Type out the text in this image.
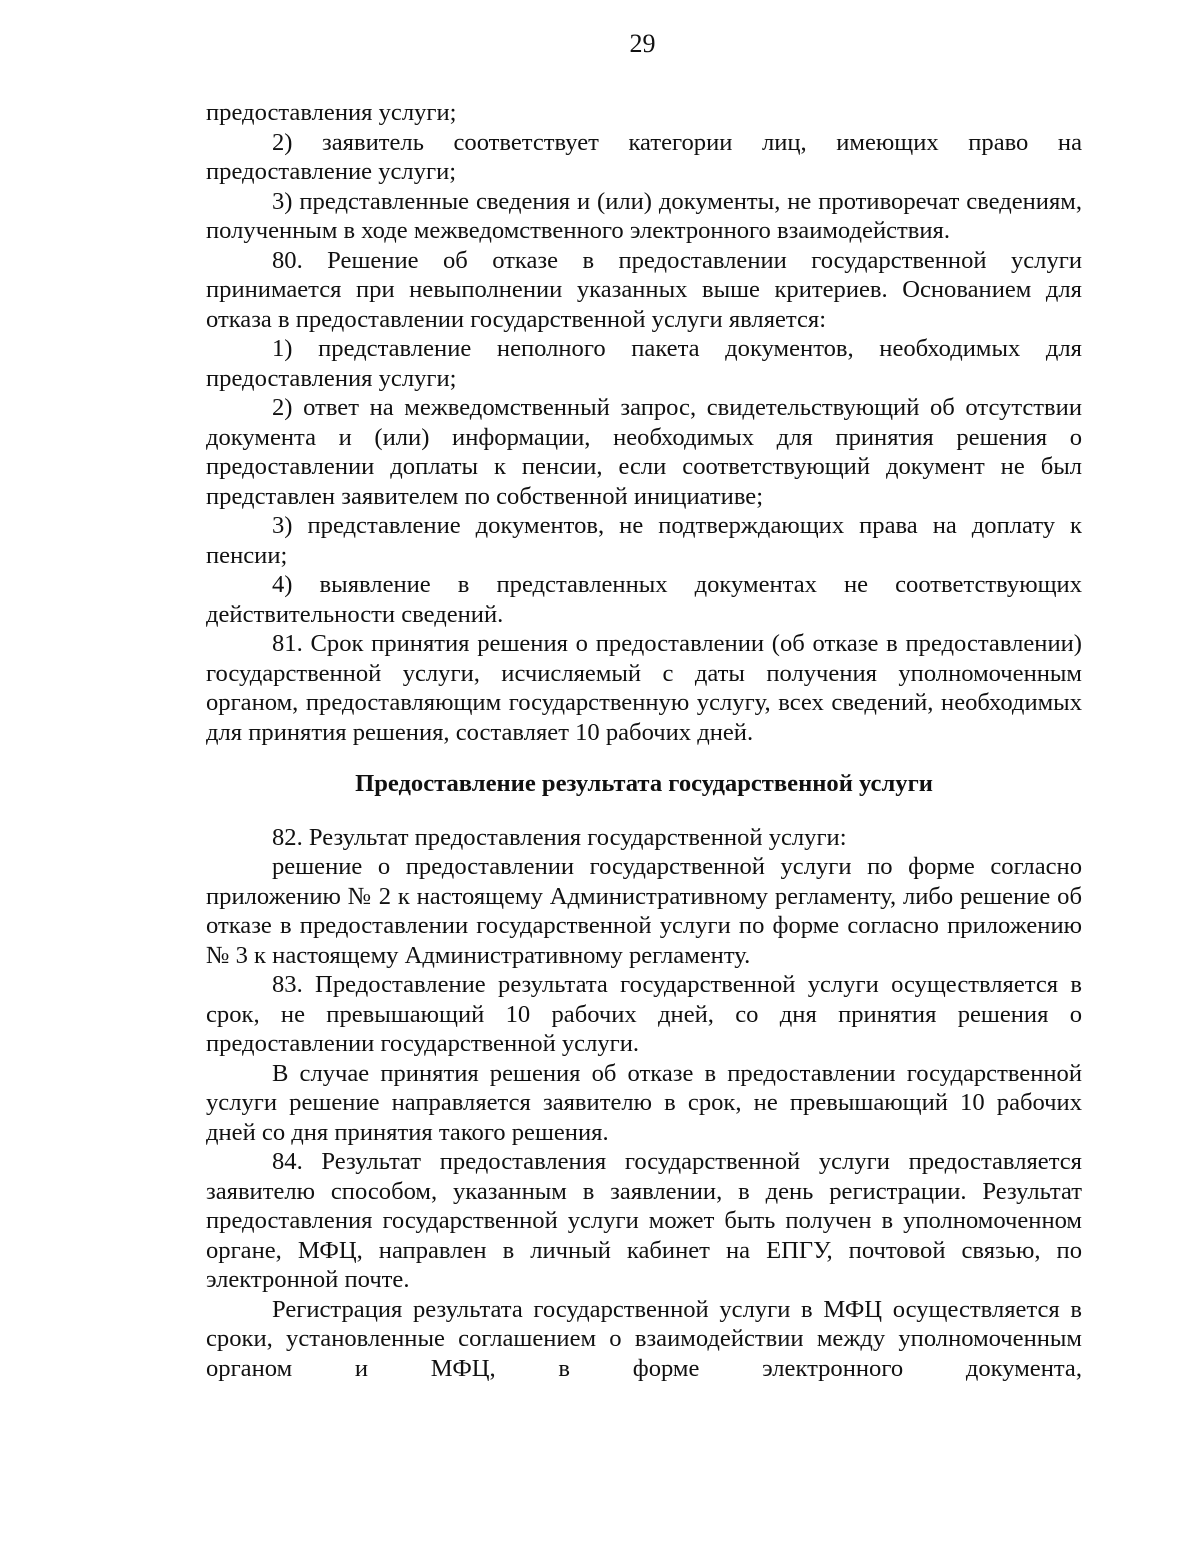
29

предоставления услуги;

2) заявитель соответствует категории лиц, имеющих право на предоставление услуги;

3) представленные сведения и (или) документы, не противоречат сведениям, полученным в ходе межведомственного электронного взаимодействия.

80. Решение об отказе в предоставлении государственной услуги принимается при невыполнении указанных выше критериев. Основанием для отказа в предоставлении государственной услуги является:

1) представление неполного пакета документов, необходимых для предоставления услуги;

2) ответ на межведомственный запрос, свидетельствующий об отсутствии документа и (или) информации, необходимых для принятия решения о предоставлении доплаты к пенсии, если соответствующий документ не был представлен заявителем по собственной инициативе;

3) представление документов, не подтверждающих права на доплату к пенсии;

4) выявление в представленных документах не соответствующих действительности сведений.

81. Срок принятия решения о предоставлении (об отказе в предоставлении) государственной услуги, исчисляемый с даты получения уполномоченным органом, предоставляющим государственную услугу, всех сведений, необходимых для принятия решения, составляет 10 рабочих дней.

Предоставление результата государственной услуги

82. Результат предоставления государственной услуги:

решение о предоставлении государственной услуги по форме согласно приложению № 2 к настоящему Административному регламенту, либо решение об отказе в предоставлении государственной услуги по форме согласно приложению № 3 к настоящему Административному регламенту.

83. Предоставление результата государственной услуги осуществляется в срок, не превышающий 10 рабочих дней, со дня принятия решения о предоставлении государственной услуги.

В случае принятия решения об отказе в предоставлении государственной услуги решение направляется заявителю в срок, не превышающий 10 рабочих дней со дня принятия такого решения.

84. Результат предоставления государственной услуги предоставляется заявителю способом, указанным в заявлении, в день регистрации. Результат предоставления государственной услуги может быть получен в уполномоченном органе, МФЦ, направлен в личный кабинет на ЕПГУ, почтовой связью, по электронной почте.

Регистрация результата государственной услуги в МФЦ осуществляется в сроки, установленные соглашением о взаимодействии между уполномоченным органом и МФЦ, в форме электронного документа,
